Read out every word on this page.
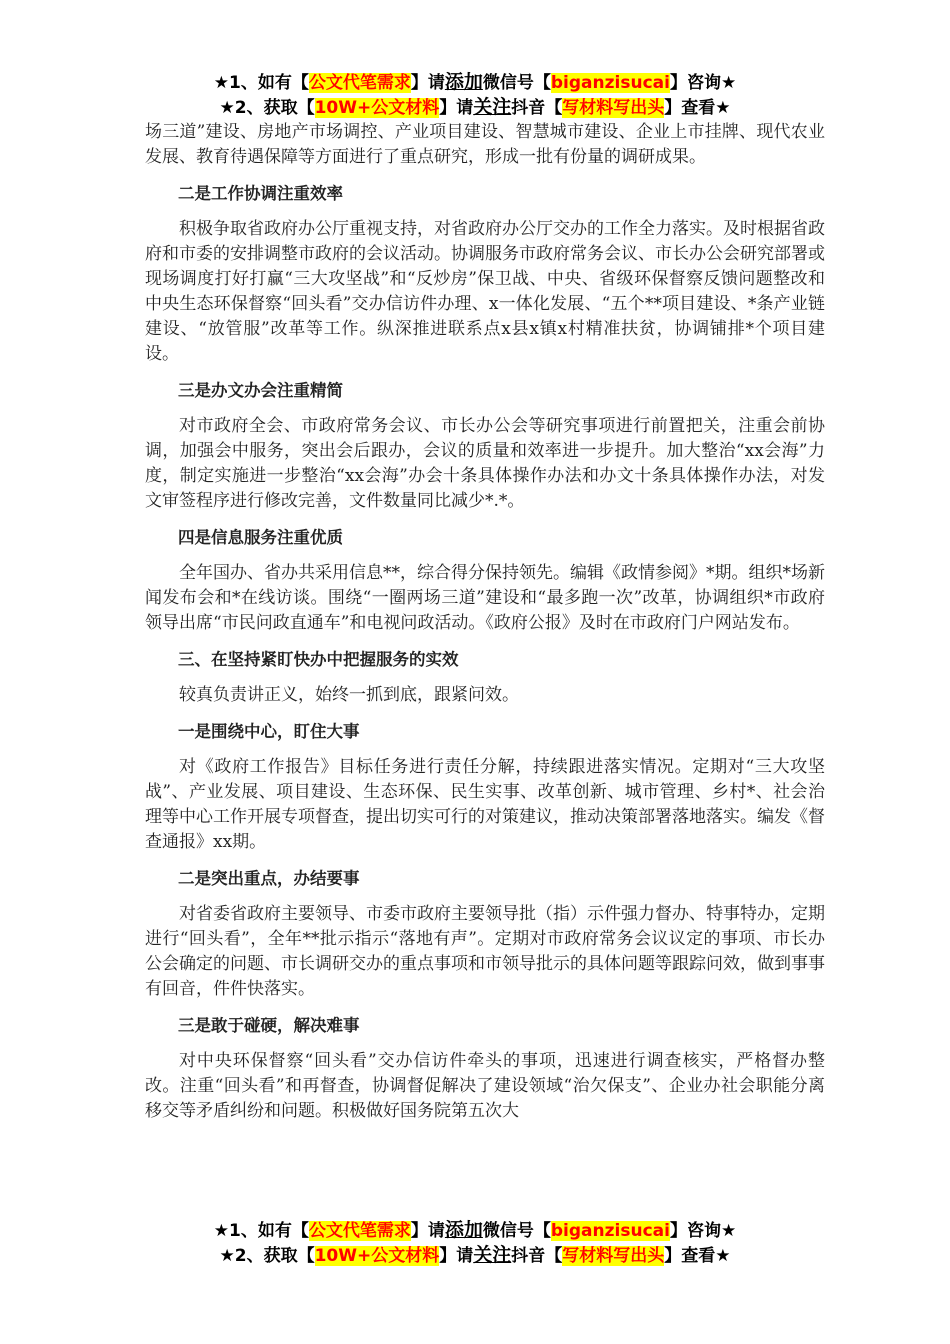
★1、如有【公文代笔需求】请添加微信号【biganzisucai】咨询★
★2、获取【10W+公文材料】请关注抖音【写材料写出头】查看★

场三道”建设、房地产市场调控、产业项目建设、智慧城市建设、企业上市挂牌、现代农业发展、教育待遇保障等方面进行了重点研究，形成一批有份量的调研成果。

二是工作协调注重效率

积极争取省政府办公厅重视支持，对省政府办公厅交办的工作全力落实。及时根据省政府和市委的安排调整市政府的会议活动。协调服务市政府常务会议、市长办公会研究部署或现场调度打好打赢“三大攻坚战”和“反炒房”保卫战、中央、省级环保督察反馈问题整改和中央生态环保督察“回头看”交办信访件办理、x一体化发展、“五个**项目建设、*条产业链建设、“放管服”改革等工作。纵深推进联系点x县x镇x村精准扶贫，协调铺排*个项目建设。

三是办文办会注重精简

对市政府全会、市政府常务会议、市长办公会等研究事项进行前置把关，注重会前协调，加强会中服务，突出会后跟办，会议的质量和效率进一步提升。加大整治“xx会海”力度，制定实施进一步整治“xx会海”办会十条具体操作办法和办文十条具体操作办法，对发文审签程序进行修改完善，文件数量同比减少*.*。

四是信息服务注重优质

全年国办、省办共采用信息**，综合得分保持领先。编辑《政情参阅》*期。组织*场新闻发布会和*在线访谈。围绕“一圈两场三道”建设和“最多跑一次”改革，协调组织*市政府领导出席“市民问政直通车”和电视问政活动。《政府公报》及时在市政府门户网站发布。

三、在坚持紧盯快办中把握服务的实效

较真负责讲正义，始终一抓到底，跟紧问效。

一是围绕中心，盯住大事

对《政府工作报告》目标任务进行责任分解，持续跟进落实情况。定期对“三大攻坚战”、产业发展、项目建设、生态环保、民生实事、改革创新、城市管理、乡村*、社会治理等中心工作开展专项督查，提出切实可行的对策建议，推动决策部署落地落实。编发《督查通报》xx期。

二是突出重点，办结要事

对省委省政府主要领导、市委市政府主要领导批（指）示件强力督办、特事特办，定期进行“回头看”，全年**批示指示“落地有声”。定期对市政府常务会议议定的事项、市长办公会确定的问题、市长调研交办的重点事项和市领导批示的具体问题等跟踪问效，做到事事有回音，件件快落实。

三是敢于碰硬，解决难事

对中央环保督察“回头看”交办信访件牵头的事项，迅速进行调查核实，严格督办整改。注重“回头看”和再督查，协调督促解决了建设领域“治欠保支”、企业办社会职能分离移交等矛盾纠纷和问题。积极做好国务院第五次大

★1、如有【公文代笔需求】请添加微信号【biganzisucai】咨询★
★2、获取【10W+公文材料】请关注抖音【写材料写出头】查看★
